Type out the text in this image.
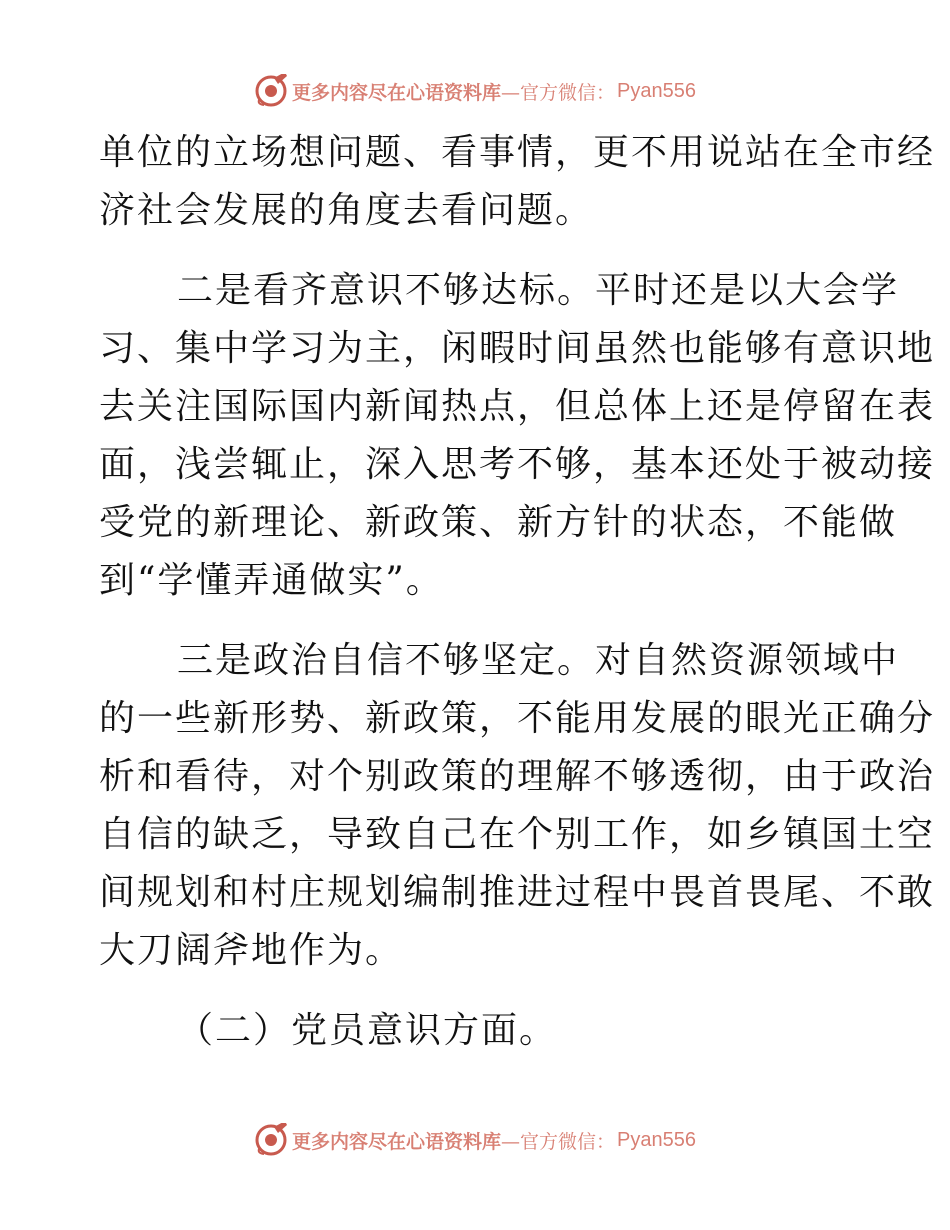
更多内容尽在心语资料库 —官方微信： Pyan556
单位的立场想问题、看事情，更不用说站在全市经
济社会发展的角度去看问题。
二是看齐意识不够达标。平时还是以大会学
习、集中学习为主，闲暇时间虽然也能够有意识地
去关注国际国内新闻热点，但总体上还是停留在表
面，浅尝辄止，深入思考不够，基本还处于被动接
受党的新理论、新政策、新方针的状态，不能做
到“学懂弄通做实”。
三是政治自信不够坚定。对自然资源领域中
的一些新形势、新政策，不能用发展的眼光正确分
析和看待，对个别政策的理解不够透彻，由于政治
自信的缺乏，导致自己在个别工作，如乡镇国土空
间规划和村庄规划编制推进过程中畏首畏尾、不敢
大刀阔斧地作为。
（二）党员意识方面。
更多内容尽在心语资料库 —官方微信： Pyan556
